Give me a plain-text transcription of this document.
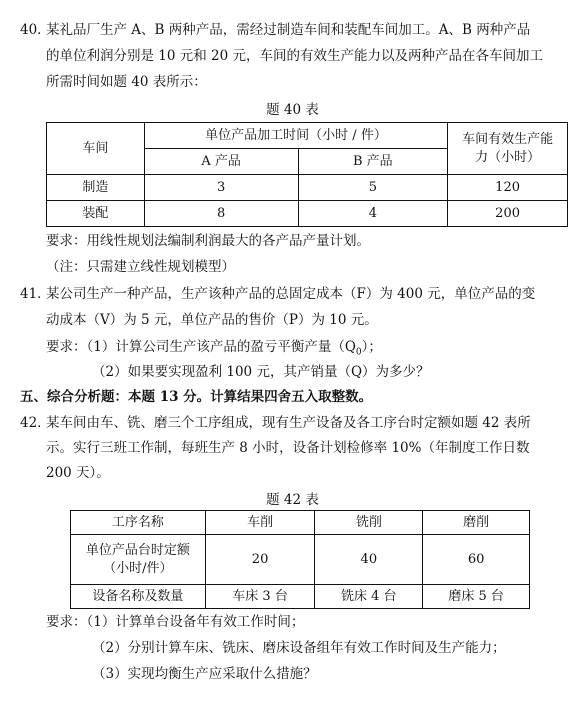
40．
某礼品厂生产 A、B 两种产品，需经过制造车间和装配车间加工。A、B 两种产品
的单位利润分别是 10 元和 20 元，车间的有效生产能力以及两种产品在各车间加工
所需时间如题 40 表所示：
题 40 表
车间	单位产品加工时间（小时 / 件）		车间有效生产能
力（小时）

	A 产品	B 产品	
制造	3	5	120
装配	8	4	200
要求：用线性规划法编制利润最大的各产品产量计划。
（注：只需建立线性规划模型）
41．
某公司生产一种产品，生产该种产品的总固定成本（F）为 400 元，单位产品的变
动成本（V）为 5 元，单位产品的售价（P）为 10 元。
要求：（1）计算公司生产该产品的盈亏平衡产量$(Q_0)$；
（2）如果要实现盈利 100 元，其产销量（Q）为多少？
五、综合分析题：本题 13 分。计算结果四舍五入取整数。
42．
某车间由车、铣、磨三个工序组成，现有生产设备及各工序台时定额如题 42 表所
示。实行三班工作制，每班生产 8 小时，设备计划检修率 10%（年制度工作日数
200 天）。
题 42 表
工序名称	车削	铣削	磨削

单位产品台时定额
（小时/件）	20	40	60
设备名称及数量	车床 3 台	铣床 4 台	磨床 5 台
要求：（1）计算单台设备年有效工作时间；
（2）分别计算车床、铣床、磨床设备组年有效工作时间及生产能力；
（3）实现均衡生产应采取什么措施？
